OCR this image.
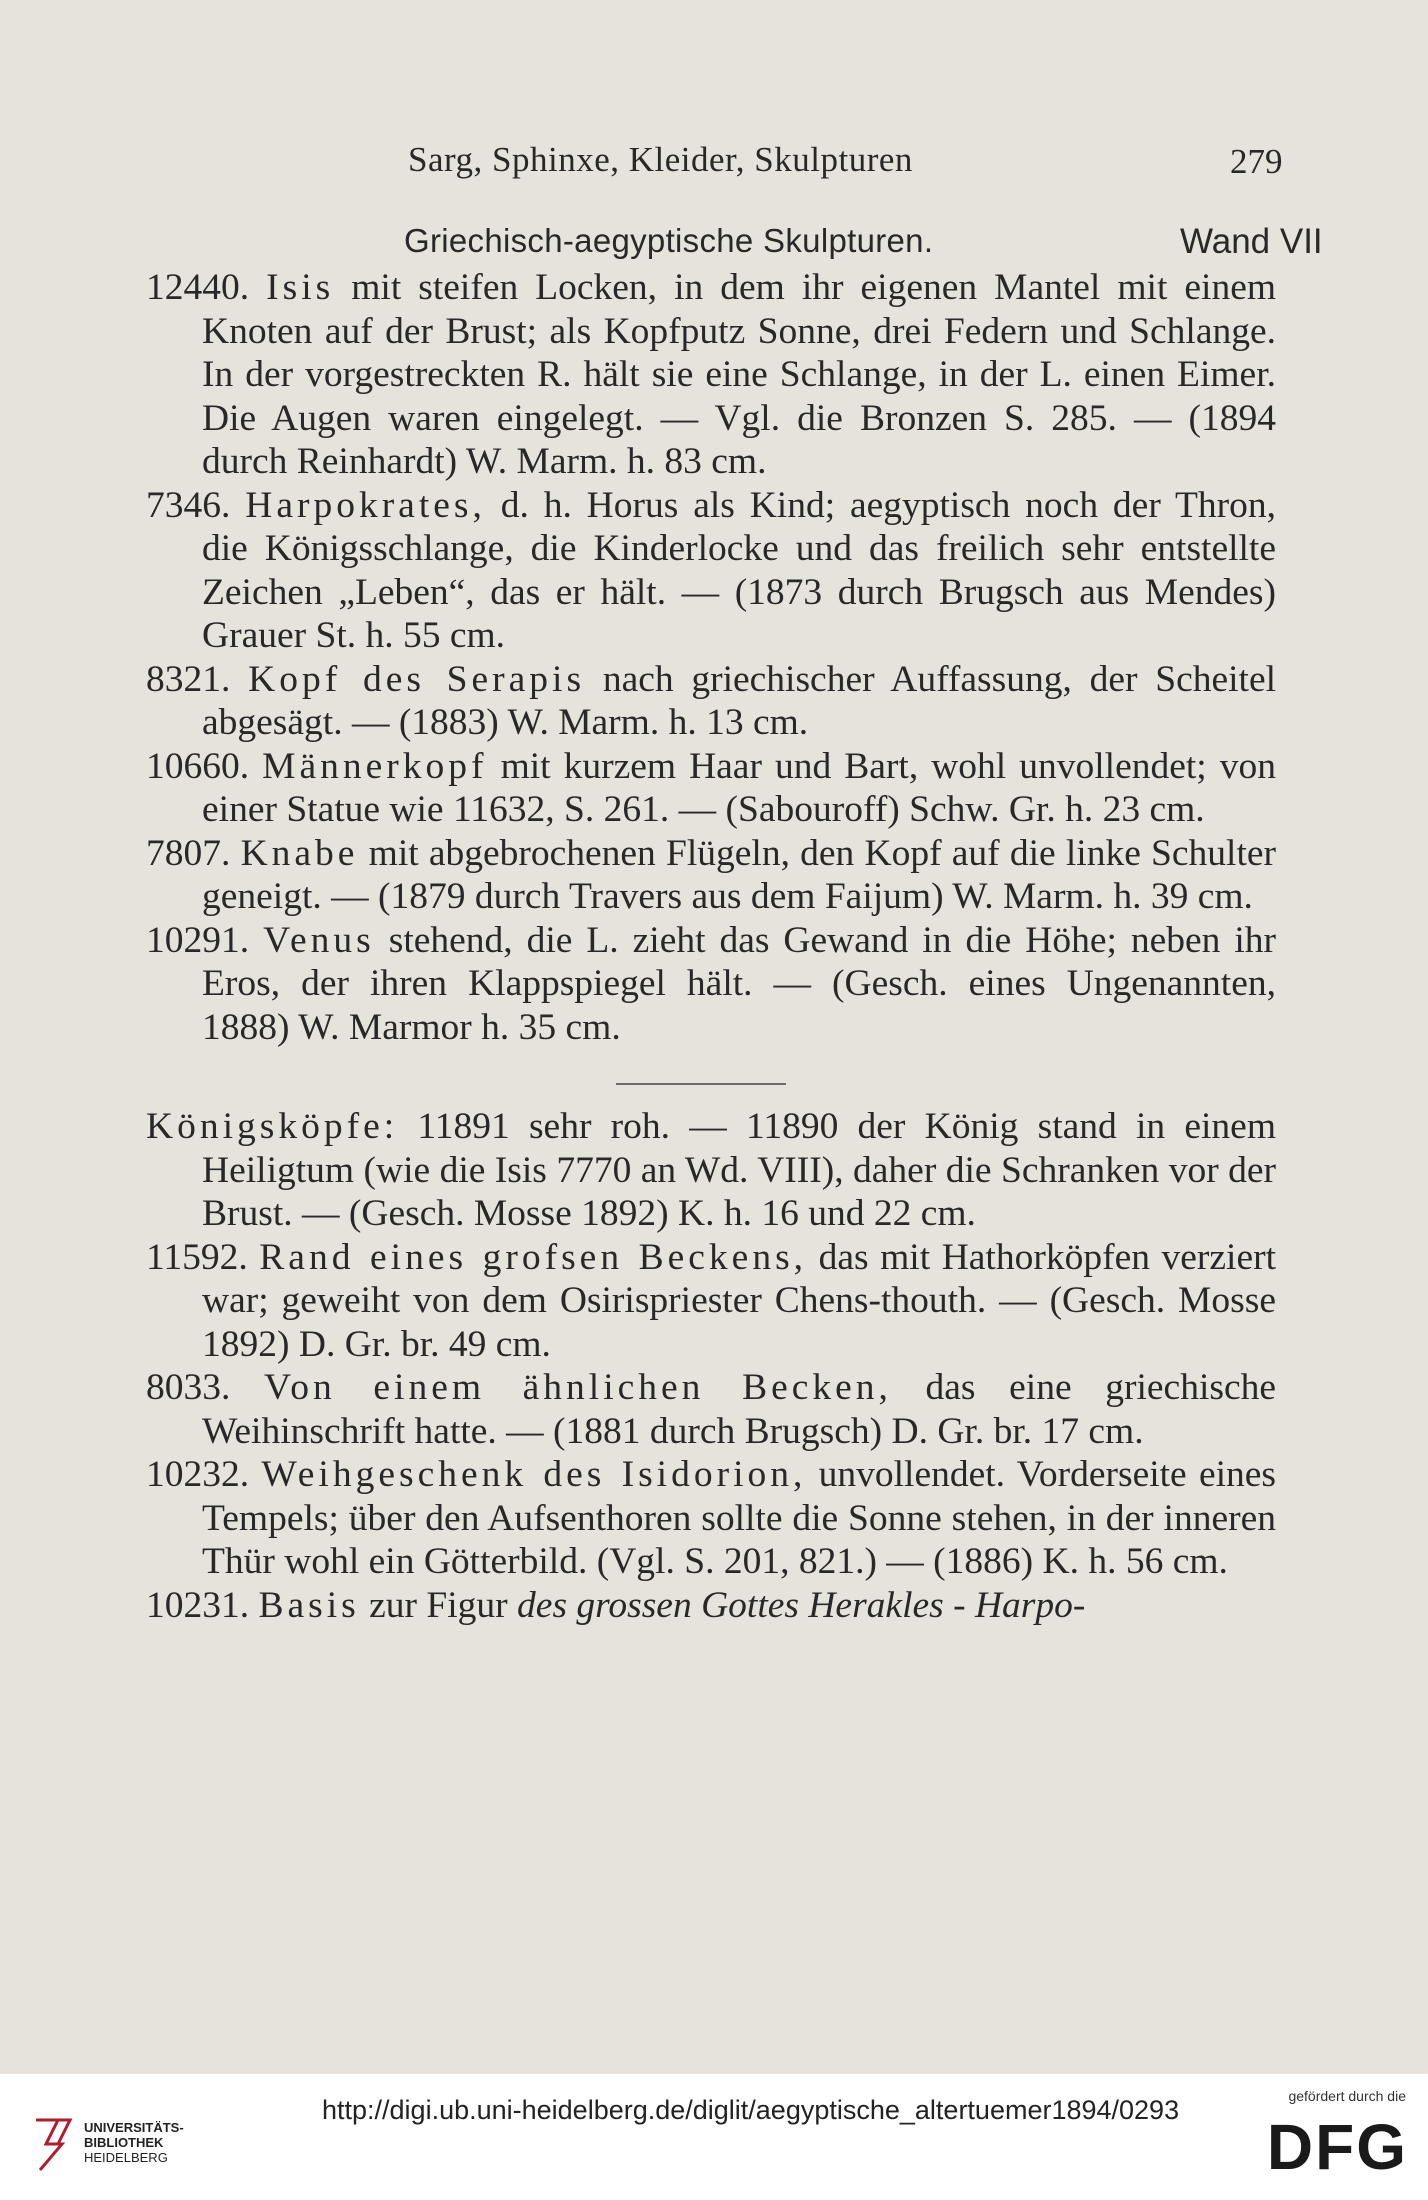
Sarg, Sphinxe, Kleider, Skulpturen	279
Griechisch-aegyptische Skulpturen.	Wand VII

12440. Isis mit steifen Locken, in dem ihr eigenen Mantel mit einem Knoten auf der Brust; als Kopfputz Sonne, drei Federn und Schlange. In der vorgestreckten R. hält sie eine Schlange, in der L. einen Eimer. Die Augen waren eingelegt. — Vgl. die Bronzen S. 285. — (1894 durch Reinhardt) W. Marm. h. 83 cm.

7346. Harpokrates, d. h. Horus als Kind; aegyptisch noch der Thron, die Königsschlange, die Kinderlocke und das freilich sehr entstellte Zeichen „Leben“, das er hält. — (1873 durch Brugsch aus Mendes) Grauer St. h. 55 cm.

8321. Kopf des Serapis nach griechischer Auffassung, der Scheitel abgesägt. — (1883) W. Marm. h. 13 cm.

10660. Männerkopf mit kurzem Haar und Bart, wohl unvollendet; von einer Statue wie 11632, S. 261. — (Sabouroff) Schw. Gr. h. 23 cm.

7807. Knabe mit abgebrochenen Flügeln, den Kopf auf die linke Schulter geneigt. — (1879 durch Travers aus dem Faijum) W. Marm. h. 39 cm.

10291. Venus stehend, die L. zieht das Gewand in die Höhe; neben ihr Eros, der ihren Klappspiegel hält. — (Gesch. eines Ungenannten, 1888) W. Marmor h. 35 cm.

Königsköpfe: 11891 sehr roh. — 11890 der König stand in einem Heiligtum (wie die Isis 7770 an Wd. VIII), daher die Schranken vor der Brust. — (Gesch. Mosse 1892) K. h. 16 und 22 cm.

11592. Rand eines grofsen Beckens, das mit Hathorköpfen verziert war; geweiht von dem Osirispriester Chens-thouth. — (Gesch. Mosse 1892) D. Gr. br. 49 cm.

8033. Von einem ähnlichen Becken, das eine griechische Weihinschrift hatte. — (1881 durch Brugsch) D. Gr. br. 17 cm.

10232. Weihgeschenk des Isidorion, unvollendet. Vorderseite eines Tempels; über den Aufsenthoren sollte die Sonne stehen, in der inneren Thür wohl ein Götterbild. (Vgl. S. 201, 821.) — (1886) K. h. 56 cm.

10231. Basis zur Figur des grossen Gottes Herakles - Harpo-

UNIVERSITÄTS-
BIBLIOTHEK
HEIDELBERG
http://digi.ub.uni-heidelberg.de/diglit/aegyptische_altertuemer1894/0293	gefördert durch die
DFG
